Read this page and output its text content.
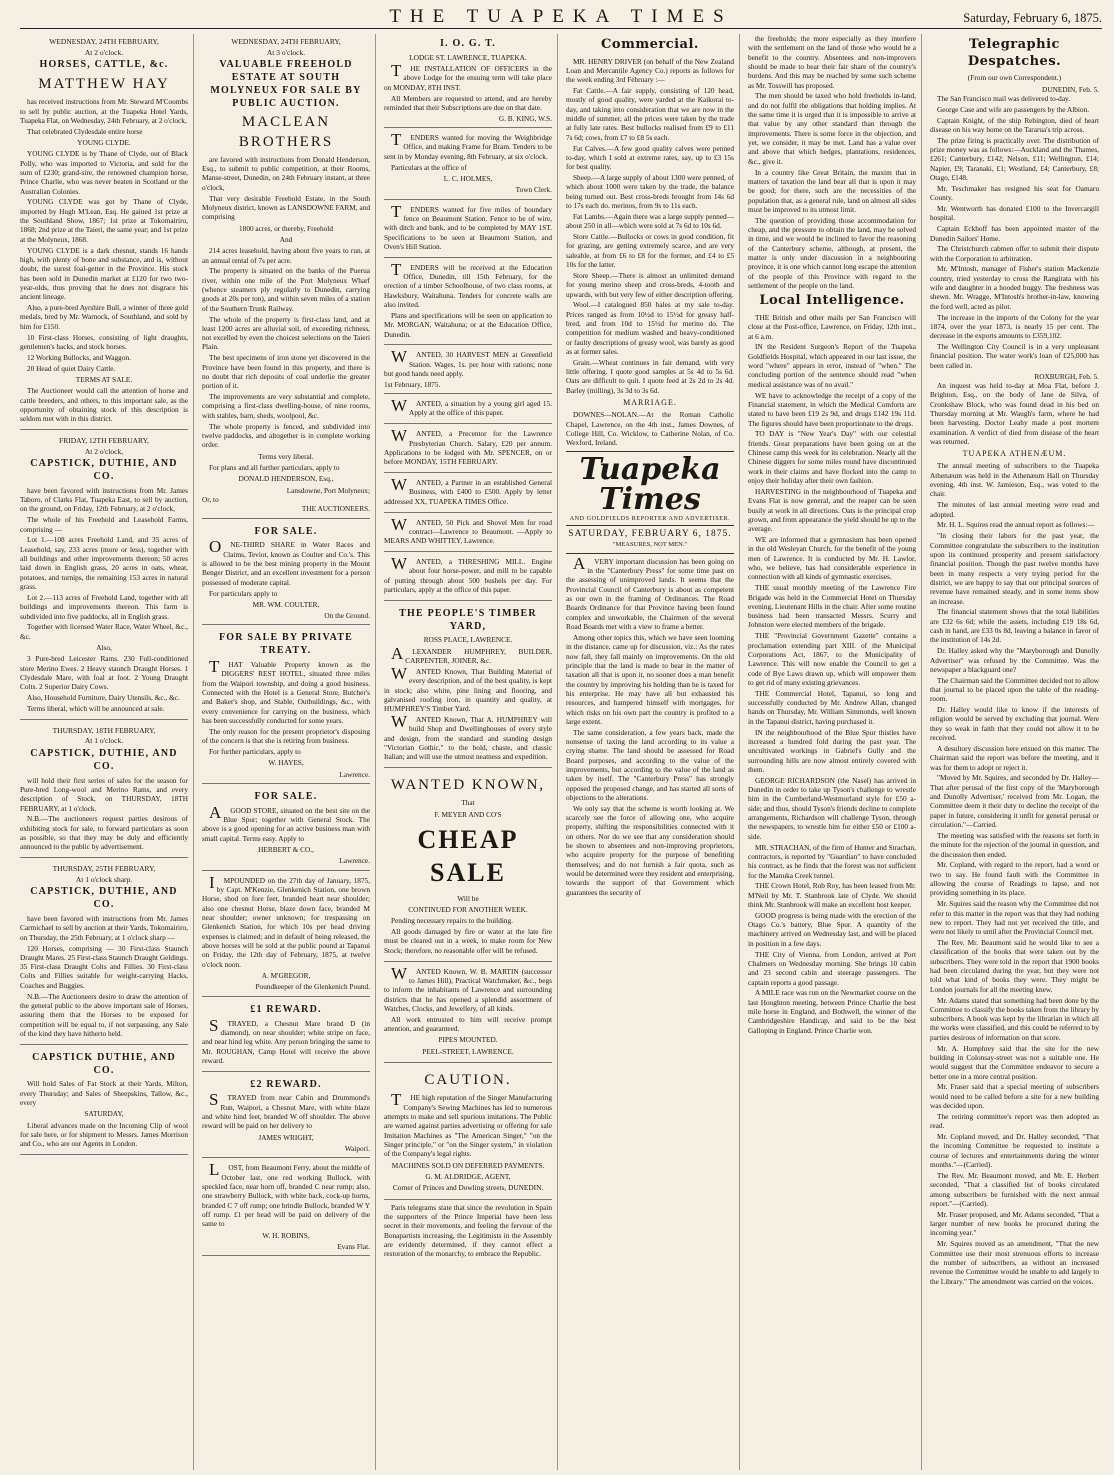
THE TUAPEKA TIMES	Saturday, February 6, 1875.
WEDNESDAY, 24TH FEBRUARY,
At 2 o'clock.
HORSES, CATTLE, &c.
MATTHEW HAY

has received instructions from Mr. Steward M'Coombs to sell by public auction, at the Tuapeka Hotel Yards, Tuapeka Flat, on Wednesday, 24th February, at 2 o'clock,

That celebrated Clydesdale entire horse

YOUNG CLYDE.

YOUNG CLYDE is by Thane of Clyde, out of Black Polly, who was imported to Victoria, and sold for the sum of £230; grand-sire, the renowned champion horse, Prince Charlie, who was never beaten in Scotland or the Australian Colonies.

YOUNG CLYDE was got by Thane of Clyde, imported by Hugh M'Lean, Esq. He gained 1st prize at the Southland Show, 1867; 1st prize at Tokomairiro, 1868; 2nd prize at the Taieri, the same year; and 1st prize at the Molyneux, 1868.

YOUNG CLYDE is a dark chesnut, stands 16 hands high, with plenty of bone and substance, and is, without doubt, the surest foal-getter in the Province. His stock has been sold in Dunedin market at £120 for two two-year-olds, thus proving that he does not disgrace his ancient lineage.

Also, a pure-bred Ayrshire Bull, a winner of three gold medals, bred by Mr. Warnock, of Southland, and sold by him for £150.

10 First-class Horses, consisting of light draughts, gentlemen's hacks, and stock horses.

12 Working Bullocks, and Waggon.

20 Head of quiet Dairy Cattle.

TERMS AT SALE.

The Auctioneer would call the attention of horse and cattle breeders, and others, to this important sale, as the opportunity of obtaining stock of this description is seldom met with in this district.

FRIDAY, 12TH FEBRUARY,
At 2 o'clock,
CAPSTICK, DUTHIE, AND CO.

have been favored with instructions from Mr. James Taboro, of Clarks Flat, Tuapeka East, to sell by auction, on the ground, on Friday, 12th February, at 2 o'clock,

The whole of his Freehold and Leasehold Farms, comprising —

Lot 1.—108 acres Freehold Land, and 35 acres of Leasehold, say, 233 acres (more or less), together with all buildings and other improvements thereon; 50 acres laid down in English grass, 20 acres in oats, wheat, potatoes, and turnips, the remaining 153 acres in natural grass.

Lot 2.—113 acres of Freehold Land, together with all buildings and improvements thereon. This farm is subdivided into five paddocks, all in English grass.

Together with licensed Water Race, Water Wheel, &c., &c.

Also,

3 Pure-bred Leicester Rams. 230 Full-conditioned store Merino Ewes. 2 Heavy staunch Draught Horses. 1 Clydesdale Mare, with foal at foot. 2 Young Draught Colts. 2 Superior Dairy Cows.

Also, Household Furniture, Dairy Utensils, &c., &c.

Terms liberal, which will be announced at sale.

THURSDAY, 18TH FEBRUARY,
At 1 o'clock.
CAPSTICK, DUTHIE, AND CO.

will hold their first series of sales for the season for Pure-bred Long-wool and Merino Rams, and every description of Stock, on THURSDAY, 18TH FEBRUARY, at 1 o'clock.

N.B.—The auctioneers request parties desirous of exhibiting stock for sale, to forward particulars as soon as possible, so that they may be duly and efficiently announced to the public by advertisement.

THURSDAY, 25TH FEBRUARY,
At 1 o'clock sharp.
CAPSTICK, DUTHIE, AND CO.

have been favored with instructions from Mr. James Carmichael to sell by auction at their Yards, Tokomairiro, on Thursday, the 25th February, at 1 o'clock sharp —

120 Horses, comprising — 30 First-class Staunch Draught Mares. 25 First-class Staunch Draught Geldings. 35 First-class Draught Colts and Fillies. 30 First-class Colts and Fillies suitable for weight-carrying Hacks, Coaches and Buggies.

N.B.—The Auctioneers desire to draw the attention of the general public to the above important sale of Horses, assuring them that the Horses to be exposed for competition will be equal to, if not surpassing, any Sale of the kind they have hitherto held.

CAPSTICK DUTHIE, AND CO.

Will hold Sales of Fat Stock at their Yards, Milton, every Thursday; and Sales of Sheepskins, Tallow, &c., every

SATURDAY,

Liberal advances made on the Incoming Clip of wool for sale here, or for shipment to Messrs. James Morrison and Co., who are our Agents in London.

WEDNESDAY, 24TH FEBRUARY,
At 3 o'clock.
VALUABLE FREEHOLD ESTATE AT SOUTH MOLYNEUX FOR SALE BY PUBLIC AUCTION.
MACLEAN BROTHERS

are favored with instructions from Donald Henderson, Esq., to submit to public competition, at their Rooms, Manse-street, Dunedin, on 24th February instant, at three o'clock,

That very desirable Freehold Estate, in the South Molyneux district, known as LANSDOWNE FARM, and comprising

1800 acres, or thereby, Freehold
And

214 acres leasehold, having about five years to run, at an annual rental of 7s per acre.

The property is situated on the banks of the Puerua river, within one mile of the Port Molyneux Wharf (whence steamers ply regularly to Dunedin, carrying goods at 20s per ton), and within seven miles of a station of the Southern Trunk Railway.

The whole of the property is first-class land, and at least 1200 acres are alluvial soil, of exceeding richness, not excelled by even the choicest selections on the Taieri Plain.

The best specimens of iron stone yet discovered in the Province have been found in this property, and there is no doubt that rich deposits of coal underlie the greater portion of it.

The improvements are very substantial and complete, comprising a first-class dwelling-house, of nine rooms, with stables, barn, sheds, woolpool, &c.

The whole property is fenced, and subdivided into twelve paddocks, and altogether is in complete working order.

Terms very liberal.

For plans and all further particulars, apply to

DONALD HENDERSON, Esq.,
Lansdowne, Port Molyneux;
Or, to
THE AUCTIONEERS.
FOR SALE.

ONE-THIRD SHARE in Water Races and Claims, Teviot, known as Coulter and Co.'s. This is allowed to be the best mining property in the Mount Benger District, and an excellent investment for a person possessed of moderate capital.

For particulars apply to

MR. WM. COULTER,
On the Ground.
FOR SALE BY PRIVATE TREATY.

THAT Valuable Property known as the DIGGERS' REST HOTEL, situated three miles from the Waipori township, and doing a good business. Connected with the Hotel is a General Store, Butcher's and Baker's shop, and Stable, Outbuildings, &c., with every convenience for carrying on the business, which has been successfully conducted for some years.

The only reason for the present proprietor's disposing of the concern is that she is retiring from business.

For further particulars, apply to

W. HAYES,
Lawrence.
FOR SALE.

AGOOD STORE, situated on the best site on the Blue Spur; together with General Stock. The above is a good opening for an active business man with small capital. Terms easy. Apply to

HERBERT & CO.,
Lawrence.

IMPOUNDED on the 27th day of January, 1875, by Capt. M'Kenzie, Glenkenich Station, one brown Horse, shod on fore feet, branded heart near shoulder; also one chesnut Horse, blaze down face, branded M near shoulder; owner unknown; for trespassing on Glenkenich Station, for which 10s per head driving expenses is claimed; and in default of being released, the above horses will be sold at the public pound at Tapanui on Friday, the 12th day of February, 1875, at twelve o'clock noon.

A. M'GREGOR,
Poundkeeper of the Glenkenich Pound.
£1 REWARD.

STRAYED, a Chesnut Mare brand D (in diamond), on near shoulder; white stripe on face, and near hind leg white. Any person bringing the same to Mr. ROUGHAN, Camp Hotel will receive the above reward.

£2 REWARD.

STRAYED from near Cabin and Drummond's Run, Waipori, a Chesnut Mare, with white blaze and white hind feet, branded W off shoulder. The above reward will be paid on her delivery to

JAMES WRIGHT,
Waipori.

LOST, from Beaumont Ferry, about the middle of October last, one red working Bullock, with speckled face, near horn off, branded C near rump; also, one strawberry Bullock, with white back, cock-up horns, branded C 7 off rump; one brindle Bullock, branded W Y off rump. £1 per head will be paid on delivery of the same to

W. H. ROBINS,
Evans Flat.
I. O. G. T.
LODGE ST. LAWRENCE, TUAPEKA.

THE INSTALLATION OF OFFICERS in the above Lodge for the ensuing term will take place on MONDAY, 8TH INST.

All Members are requested to attend, and are hereby reminded that their Subscriptions are due on that date.

G. B. KING, W.S.

TENDERS wanted for moving the Weighbridge Office, and making Frame for Bram. Tenders to be sent in by Monday evening, 8th February, at six o'clock.

Particulars at the office of

L. C. HOLMES,
Town Clerk.

TENDERS wanted for five miles of boundary fence on Beaumont Station. Fence to be of wire, with ditch and bank, and to be completed by MAY 1ST. Specifications to be seen at Beaumont Station, and Oven's Hill Station.

TENDERS will be received at the Education Office, Dunedin, till 15th February, for the erection of a timber Schoolhouse, of two class rooms, at Hawksbury, Waitahuna. Tenders for concrete walls are also invited.

Plans and specifications will be seen on application to Mr. MORGAN, Waitahuna; or at the Education Office, Dunedin.

WANTED, 30 HARVEST MEN at Greenfield Station. Wages, 1s. per hour with rations; none but good hands need apply.

1st February, 1875.

WANTED, a situation by a young girl aged 15. Apply at the office of this paper.

WANTED, a Precentor for the Lawrence Presbyterian Church. Salary, £20 per annum. Applications to be lodged with Mr. SPENCER, on or before MONDAY, 15TH FEBRUARY.

WANTED, a Partner in an established General Business, with £400 to £500. Apply by letter addressed XX, TUAPEKA TIMES Office.

WANTED, 50 Pick and Shovel Men for road contract—Lawrence to Beaumont. —Apply to MEARS AND WHITTEY, Lawrence.

WANTED, a THRESHING MILL. Engine about four horse-power, and mill to be capable of putting through about 500 bushels per day. For particulars, apply at the office of this paper.

THE PEOPLE'S TIMBER YARD,
ROSS PLACE, LAWRENCE.

ALEXANDER HUMPHREY, BUILDER, CARPENTER, JOINER, &c.

WANTED Known, That Building Material of every description, and of the best quality, is kept in stock; also white, pine lining and flooring, and galvanised roofing iron, in quantity and quality, at HUMPHREY'S Timber Yard.

WANTED Known, That A. HUMPHREY will build Shop and Dwellinghouses of every style and design, from the standard and standing design "Victorian Gothic," to the bold, chaste, and classic Italian; and will use the utmost neatness and expedition.

WANTED KNOWN,
That
F. MEYER AND CO'S
CHEAP SALE
Will be
CONTINUED FOR ANOTHER WEEK.

Pending necessary repairs to the building.

All goods damaged by fire or water at the late fire must be cleared out in a week, to make room for New Stock; therefore, no reasonable offer will be refused.

WANTED Known, W. B. MARTIN (successor to James Hill), Practical Watchmaker, &c., begs to inform the inhabitants of Lawrence and surrounding districts that he has opened a splendid assortment of Watches, Clocks, and Jewellery, of all kinds.

All work entrusted to him will receive prompt attention, and guaranteed.

PIPES MOUNTED.
PEEL-STREET, LAWRENCE.
CAUTION.

THE high reputation of the Singer Manufacturing Company's Sewing Machines has led to numerous attempts to make and sell spurious imitations. The Public are warned against parties advertising or offering for sale Imitation Machines as "The American Singer," "on the Singer principle," or "on the Singer system," in violation of the Company's legal rights.

MACHINES SOLD ON DEFERRED PAYMENTS.
G. M. ALDRIDGE, AGENT,
Corner of Princes and Dowling streets, DUNEDIN.

Paris telegrams state that since the revolution in Spain the supporters of the Prince Imperial have been less secret in their movements, and feeling the fervour of the Bonapartists increasing, the Legitimists in the Assembly are evidently determined, if they cannot effect a restoration of the monarchy, to embrace the Republic.

Commercial.

MR. HENRY DRIVER (on behalf of the New Zealand Loan and Mercantile Agency Co.) reports as follows for the week ending 3rd February :—

Fat Cattle.—A fair supply, consisting of 120 head, mostly of good quality, were yarded at the Kaikorai to-day, and taking into consideration that we are now in the middle of summer, all the prices were taken by the trade at fully late rates. Best bullocks realised from £9 to £11 7s 6d; cows, from £7 to £8 5s each.

Fat Calves.—A few good quality calves were penned to-day, which I sold at extreme rates, say, up to £3 15s for best quality.

Sheep.—A large supply of about 1300 were penned, of which about 1000 were taken by the trade, the balance being turned out. Best cross-breds brought from 14s 6d to 17s each do. merinos, from 9s to 11s each.

Fat Lambs.—Again there was a large supply penned—about 250 in all—which were sold at 7s 6d to 10s 6d.

Store Cattle.—Bullocks or cows in good condition, fit for grazing, are getting extremely scarce, and are very saleable, at from £6 to £8 for the former, and £4 to £5 10s for the latter.

Store Sheep.—There is almost an unlimited demand for young merino sheep and cross-breds, 4-tooth and upwards, with but very few of either description offering.

Wool.—I catalogued 850 bales at my sale to-day. Prices ranged as from 10½d to 15½d for greasy half-bred, and from 10d to 15½d for merino do. The competition for medium washed and heavy-conditioned or faulty descriptions of greasy wool, was barely as good as at former sales.

Grain.—Wheat continues in fair demand, with very little offering. I quote good samples at 5s 4d to 5s 6d. Oats are difficult to quit. I quote feed at 2s 2d to 2s 4d. Barley (milling), 3s 3d to 3s 6d.

MARRIAGE.

DOWNES—NOLAN.—At the Roman Catholic Chapel, Lawrence, on the 4th inst., James Downes, of College Hill, Co. Wicklow, to Catherine Nolan, of Co. Wexford, Ireland.

Tuapeka Times
AND GOLDFIELDS REPORTER AND ADVERTISER.
SATURDAY, FEBRUARY 6, 1875.
"MEASURES, NOT MEN."

AVERY important discussion has been going on in the "Canterbury Press" for some time past on the assessing of unimproved lands. It seems that the Provincial Council of Canterbury is about as competent as our own in the framing of Ordinances. The Road Boards Ordinance for that Province having been found complex and unworkable, the Chairmen of the several Road Boards met with a view to frame a better.

Among other topics this, which we have seen looming in the distance, came up for discussion, viz.: As the rates now fall, they fall mainly on improvements. On the old principle that the land is made to bear in the matter of taxation all that is upon it, no sooner does a man benefit the country by improving his holding than he is taxed for his enterprise. He may have all but exhausted his resources, and hampered himself with mortgages, for which risks on his own part the country is profited to a large extent.

The same consideration, a few years back, made the nonsense of taxing the land according to its value a crying shame. The land should be assessed for Road Board purposes, and according to the value of the improvements, but according to the value of the land as taken by itself. The "Canterbury Press" has strongly opposed the proposed change, and has started all sorts of objections to the alterations.

We only say that the scheme is worth looking at. We scarcely see the force of allowing one, who acquire property, shifting the responsibilities connected with it on others. Nor do we see that any consideration should be shown to absentees and non-improving proprietors, who acquire property for the purpose of benefiting themselves; and do not furnish a fair quota, such as would be determined were they resident and enterprising, towards the support of that Government which guarantees the security of

the freeholds; the more especially as they interfere with the settlement on the land of those who would be a benefit to the country. Absentees and non-improvers should be made to bear their fair share of the country's burdens. And this may be reached by some such scheme as Mr. Tosswill has proposed.

The men should be taxed who hold freeholds in-land, and do not fulfil the obligations that holding implies. At the same time it is urged that it is impossible to arrive at that value by any other standard than through the improvements. There is some force in the objection, and yet, we consider, it may be met. Land has a value over and above that which hedges, plantations, residences, &c., give it.

In a country like Great Britain, the maxim that in matters of taxation the land bear all that is upon it may be good; for there, such are the necessities of the population that, as a general rule, land on almost all sides must be improved to its utmost limit.

The question of providing those accommodation for cheap, and the pressure to obtain the land, may be solved in time, and we would be inclined to favor the reasoning of the Canterbury scheme, although, at present, the matter is only under discussion in a neighbouring province, it is one which cannot long escape the attention of the people of this Province with regard to the settlement of the people on the land.

Local Intelligence.

THE British and other mails per San Francisco will close at the Post-office, Lawrence, on Friday, 12th inst., at 6 a.m.

IN the Resident Surgeon's Report of the Tuapeka Goldfields Hospital, which appeared in our last issue, the word "where" appears in error, instead of "when." The concluding portion of the sentence should read "when medical assistance was of no avail."

WE have to acknowledge the receipt of a copy of the Financial statement, in which the Medical Comforts are stated to have been £19 2s 9d, and drugs £142 19s 11d. The figures should have been proportionate to the drugs.

TO DAY is "New Year's Day" with our celestial friends. Great preparations have been going on at the Chinese camp this week for its celebration. Nearly all the Chinese diggers for some miles round have discontinued work in their claims and have flocked into the camp to enjoy their holiday after their own fashion.

HARVESTING in the neighbourhood of Tuapeka and Evans Flat is now general, and the reaper can be seen busily at work in all directions. Oats is the principal crop grown, and from appearance the yield should be up to the average.

WE are informed that a gymnasium has been opened in the old Wesleyan Church, for the benefit of the young men of Lawrence. It is conducted by Mr. H. Lawlor, who, we believe, has had considerable experience in connection with all kinds of gymnastic exercises.

THE usual monthly meeting of the Lawrence Fire Brigade was held in the Commercial Hotel on Thursday evening, Lieutenant Hills in the chair. After some routine business had been transacted Messrs. Scurry and Johnston were elected members of the brigade.

THE "Provincial Government Gazette" contains a proclamation extending part XIII. of the Municipal Corporations Act, 1867, to the Municipality of Lawrence. This will now enable the Council to get a code of Bye Laws drawn up, which will empower them to get rid of many existing grievances.

THE Commercial Hotel, Tapanui, so long and successfully conducted by Mr. Andrew Allan, changed hands on Thursday, Mr. William Simmonds, well known in the Tapanui district, having purchased it.

IN the neighbourhood of the Blue Spur thistles have increased a hundred fold during the past year. The uncultivated workings in Gabriel's Gully and the surrounding hills are now almost entirely covered with them.

GEORGE RICHARDSON (the Nasel) has arrived in Dunedin in order to take up Tyson's challenge to wrestle him in the Cumberland-Westmorland style for £50 a-side; and thus, should Tyson's friends decline to complete arrangements, Richardson will challenge Tyson, through the newspapers, to wrestle him for either £50 or £100 a-side.

MR. STRACHAN, of the firm of Hunter and Strachan, contractors, is reported by "Guardian" to have concluded his contract, as he finds that the forest was not sufficient for the Manuka Creek tunnel.

THE Crown Hotel, Rob Roy, has been leased from Mr. M'Neil by Mr. T. Stanbrook late of Clyde. We should think Mr. Stanbrook will make an excellent host keeper.

GOOD progress is being made with the erection of the Otago Co.'s battery, Blue Spur. A quantity of the machinery arrived on Wednesday last, and will be placed in position in a few days.

THE City of Vienna, from London, arrived at Port Chalmers on Wednesday morning. She brings 10 cabin and 23 second cabin and steerage passengers. The captain reports a good passage.

A MILE race was run on the Newmarket course on the last Houghton meeting, between Prince Charlie the best mile horse in England, and Bothwell, the winner of the Cambridgeshire Handicap, and said to be the best Galloping in England. Prince Charlie won.

Telegraphic Despatches.
(From our own Correspondent.)
DUNEDIN, Feb. 5.

The San Francisco mail was delivered to-day.

George Case and wife are passengers by the Albion.

Captain Knight, of the ship Rebington, died of heart disease on his way home on the Tararua's trip across.

The prize firing is practically over. The distribution of prize money was as follows:—Auckland and the Thames, £261; Canterbury, £142; Nelson, £11; Wellington, £14; Napier, £9; Taranaki, £1; Westland, £4; Canterbury, £8; Otago, £148.

Mr. Teschmaker has resigned his seat for Oamaru County.

Mr. Wentworth has donated £100 to the Invercargill hospital.

Captain Eckhoff has been appointed master of the Dunedin Sailors' Home.

The Christchurch cabmen offer to submit their dispute with the Corporation to arbitration.

Mr. M'Intosh, manager of Fisher's station Mackenzie country, tried yesterday to cross the Rangitata with his wife and daughter in a hooded buggy. The freshness was shewn. Mr. Wragge, M'Intosh's brother-in-law, knowing the ford well, acted as pilot.

The increase in the imports of the Colony for the year 1874, over the year 1873, is nearly 15 per cent. The decrease in the exports amounts to £359,102.

The Wellington City Council is in a very unpleasant financial position. The water work's loan of £25,000 has been called in.

ROXBURGH, Feb. 5.

An inquest was held to-day at Moa Flat, before J. Brighton, Esq., on the body of Jane de Silva, of Cronkshaw Block, who was found dead in his bed on Thursday morning at Mr. Waugh's farm, where he had been harvesting. Doctor Leahy made a post mortem examination. A verdict of died from disease of the heart was returned.

TUAPEKA ATHENÆUM.

The annual meeting of subscribers to the Tuapeka Athenæum was held in the Athenæum Hall on Thursday evening, 4th inst. W. Jamieson, Esq., was voted to the chair.

The minutes of last annual meeting were read and adopted.

Mr. H. L. Squires read the annual report as follows:—

"In closing their labors for the past year, the Committee congratulate the subscribers to the institution upon its continued prosperity and present satisfactory financial position. Though the past twelve months have been in many respects a very trying period for the district, we are happy to say that our principal sources of revenue have remained steady, and in some items show an increase.

The financial statement shows that the total liabilities are £32 6s 6d; while the assets, including £19 18s 6d, cash in hand, are £33 0s 8d, leaving a balance in favor of the institution of 14s 2d.

Dr. Halley asked why the "Maryborough and Dunolly Advertiser" was refused by the Committee. Was the newspaper a blackguard one?

The Chairman said the Committee decided not to allow that journal to be placed upon the table of the reading-room.

Dr. Halley would like to know if the interests of religion would be served by excluding that journal. Were they so weak in faith that they could not allow it to be received.

A desultory discussion here ensued on this matter. The Chairman said the report was before the meeting, and it was for them to adopt or reject it.

"Moved by Mr. Squires, and seconded by Dr. Halley—That after perusal of the first copy of the 'Maryborough and Dunolly Advertiser,' received from Mr. Logan, the Committee deem it their duty to decline the receipt of the paper in future, considering it unfit for general perusal or circulation."—Carried.

The meeting was satisfied with the reasons set forth in the minute for the rejection of the journal in question, and the discussion then ended.

Mr. Copland, with regard to the report, had a word or two to say. He found fault with the Committee in allowing the course of Readings to lapse, and not providing something in its place.

Mr. Squires said the reason why the Committee did not refer to this matter in the report was that they had nothing new to report. They had not yet received the title, and were not likely to until after the Provincial Council met.

The Rev. Mr. Beaumont said he would like to see a classification of the books that were taken out by the subscribers. They were told in the report that 1900 books had been circulated during the year, but they were not told what kind of books they were. They might be London journals for all the meeting knew.

Mr. Adams stated that something had been done by the Committee to classify the books taken from the library by subscribers. A book was kept by the librarian in which all the works were classified, and this could be referred to by parties desirous of information on that score.

Mr. A. Humphrey said that the site for the new building in Colonsay-street was not a suitable one. He would suggest that the Committee endeavor to secure a better one in a more central position.

Mr. Fraser said that a special meeting of subscribers would need to be called before a site for a new building was decided upon.

The retiring committee's report was then adopted as read.

Mr. Copland moved, and Dr. Halley seconded, "That the incoming Committee be requested to institute a course of lectures and entertainments during the winter months."—(Carried).

The Rev. Mr. Beaumont moved, and Mr. E. Herbert seconded, "That a classified list of books circulated among subscribers be furnished with the next annual report."—(Carried).

Mr. Fraser proposed, and Mr. Adams seconded, "That a larger number of new books be procured during the incoming year."

Mr. Squires moved as an amendment, "That the new Committee use their most strenuous efforts to increase the number of subscribers, as without an increased revenue the Committee would be unable to add largely to the Library." The amendment was carried on the voices.
